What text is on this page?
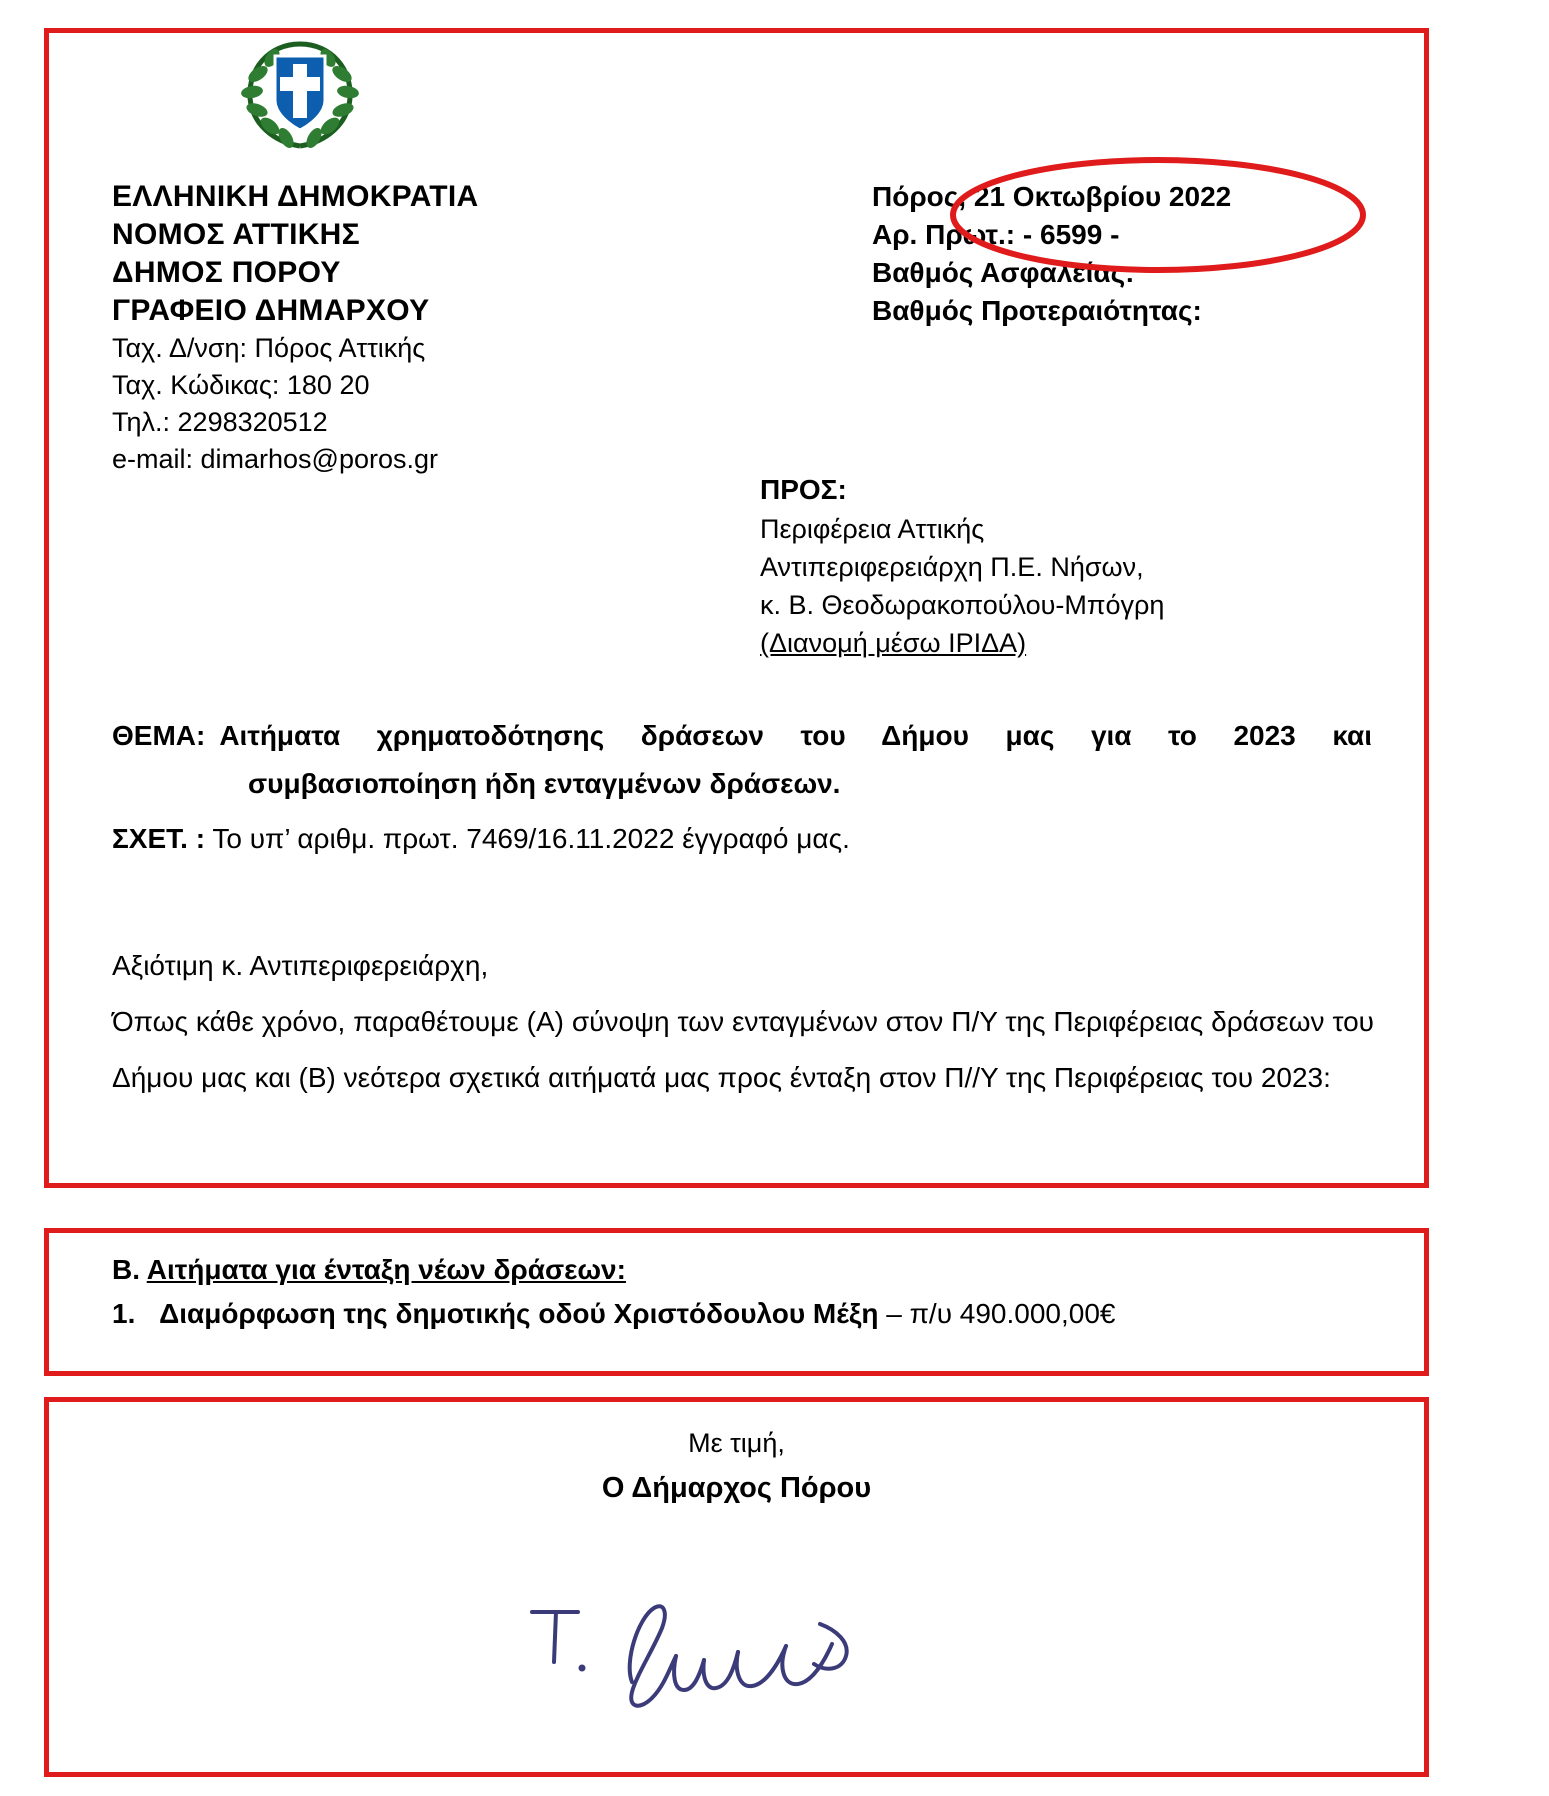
ΕΛΛΗΝΙΚΗ ΔΗΜΟΚΡΑΤΙΑ
ΝΟΜΟΣ ΑΤΤΙΚΗΣ
ΔΗΜΟΣ ΠΟΡΟΥ
ΓΡΑΦΕΙΟ ΔΗΜΑΡΧΟΥ
Ταχ. Δ/νση: Πόρος Αττικής
Ταχ. Κώδικας: 180 20
Τηλ.: 2298320512
e-mail: dimarhos@poros.gr
Πόρος, 21 Οκτωβρίου 2022
Αρ. Πρωτ.: - 6599 -
Βαθμός Ασφαλείας:
Βαθμός Προτεραιότητας:
ΠΡΟΣ:
Περιφέρεια Αττικής
Αντιπεριφερειάρχη Π.Ε. Νήσων,
κ. Β. Θεοδωρακοπούλου-Μπόγρη
(Διανομή μέσω ΙΡΙΔΑ)
ΘΕΜΑ: Αιτήματα χρηματοδότησης δράσεων του Δήμου μας για το 2023 και
συμβασιοποίηση ήδη ενταγμένων δράσεων.
ΣΧΕΤ. : Το υπ’ αριθμ. πρωτ. 7469/16.11.2022 έγγραφό μας.
Αξιότιμη κ. Αντιπεριφερειάρχη,
Όπως κάθε χρόνο, παραθέτουμε (Α) σύνοψη των ενταγμένων στον Π/Υ της Περιφέρειας δράσεων του Δήμου μας και (Β) νεότερα σχετικά αιτήματά μας προς ένταξη στον Π//Υ της Περιφέρειας του 2023:
Β. Αιτήματα για ένταξη νέων δράσεων:
1. Διαμόρφωση της δημοτικής οδού Χριστόδουλου Μέξη – π/υ 490.000,00€
Με τιμή,
Ο Δήμαρχος Πόρου
